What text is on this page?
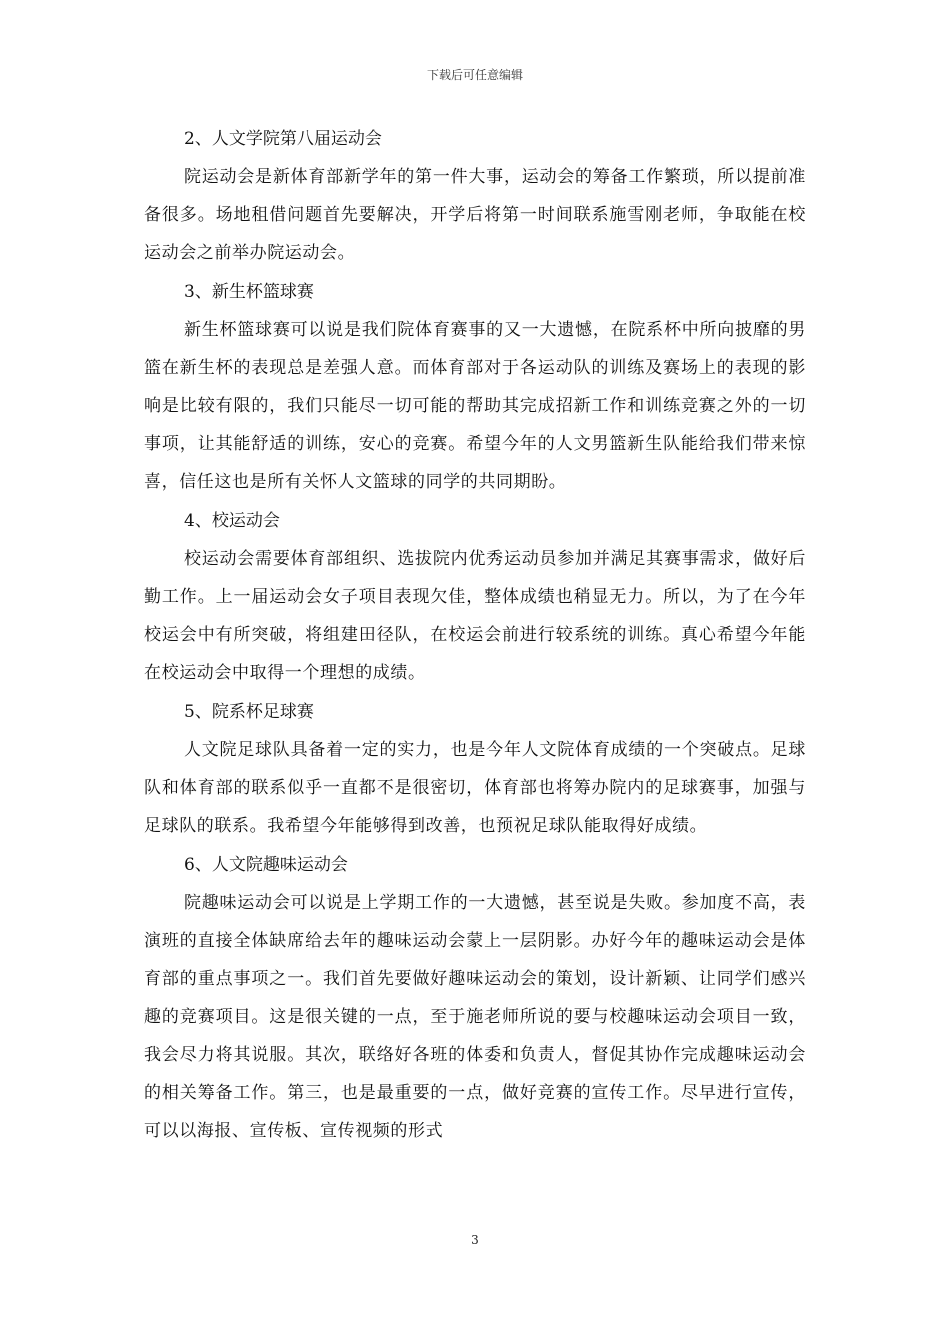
下载后可任意编辑

2、人文学院第八届运动会

院运动会是新体育部新学年的第一件大事，运动会的筹备工作繁琐，所以提前准备很多。场地租借问题首先要解决，开学后将第一时间联系施雪刚老师，争取能在校运动会之前举办院运动会。

3、新生杯篮球赛

新生杯篮球赛可以说是我们院体育赛事的又一大遗憾，在院系杯中所向披靡的男篮在新生杯的表现总是差强人意。而体育部对于各运动队的训练及赛场上的表现的影响是比较有限的，我们只能尽一切可能的帮助其完成招新工作和训练竞赛之外的一切事项，让其能舒适的训练，安心的竞赛。希望今年的人文男篮新生队能给我们带来惊喜，信任这也是所有关怀人文篮球的同学的共同期盼。

4、校运动会

校运动会需要体育部组织、选拔院内优秀运动员参加并满足其赛事需求，做好后勤工作。上一届运动会女子项目表现欠佳，整体成绩也稍显无力。所以，为了在今年校运会中有所突破，将组建田径队，在校运会前进行较系统的训练。真心希望今年能在校运动会中取得一个理想的成绩。

5、院系杯足球赛

人文院足球队具备着一定的实力，也是今年人文院体育成绩的一个突破点。足球队和体育部的联系似乎一直都不是很密切，体育部也将筹办院内的足球赛事，加强与足球队的联系。我希望今年能够得到改善，也预祝足球队能取得好成绩。

6、人文院趣味运动会

院趣味运动会可以说是上学期工作的一大遗憾，甚至说是失败。参加度不高，表演班的直接全体缺席给去年的趣味运动会蒙上一层阴影。办好今年的趣味运动会是体育部的重点事项之一。我们首先要做好趣味运动会的策划，设计新颖、让同学们感兴趣的竞赛项目。这是很关键的一点，至于施老师所说的要与校趣味运动会项目一致，我会尽力将其说服。其次，联络好各班的体委和负责人，督促其协作完成趣味运动会的相关筹备工作。第三，也是最重要的一点，做好竞赛的宣传工作。尽早进行宣传，可以以海报、宣传板、宣传视频的形式

3
